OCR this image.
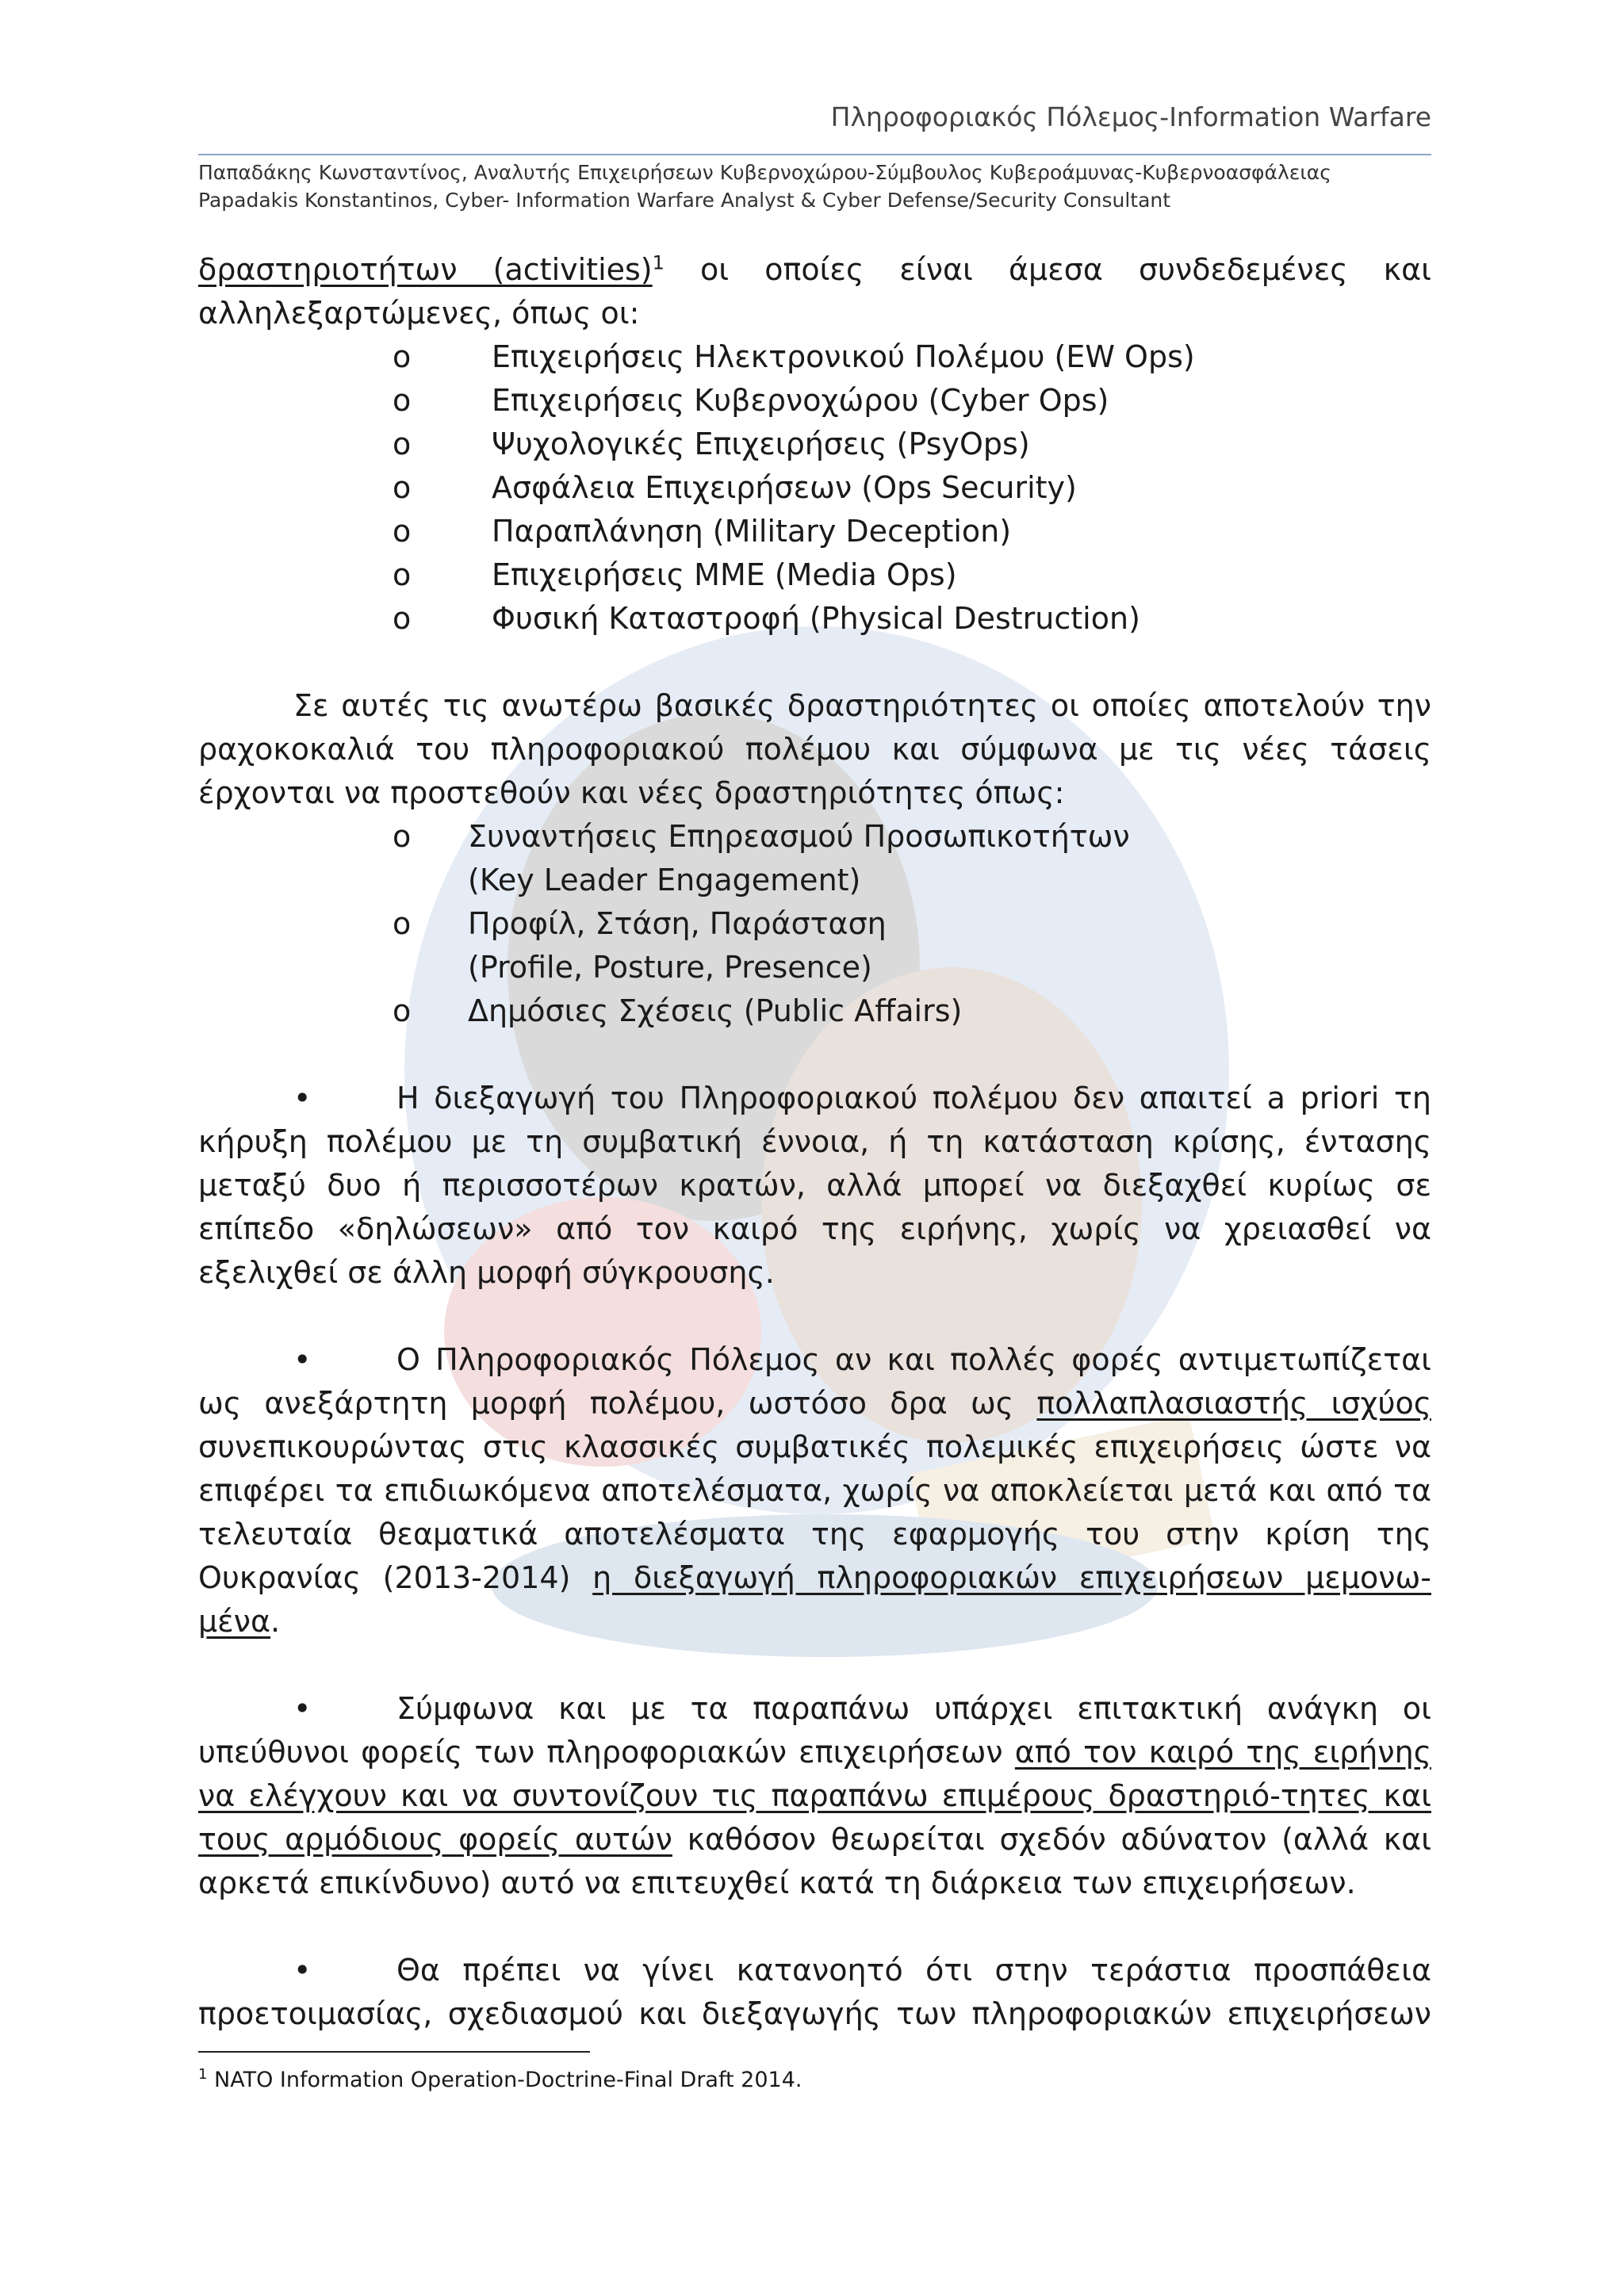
Πληροφοριακός Πόλεμος-Information Warfare
Παπαδάκης Κωνσταντίνος, Αναλυτής Επιχειρήσεων Κυβερνοχώρου-Σύμβουλος Κυβεροάμυνας-Κυβερνοασφάλειας
Papadakis Konstantinos, Cyber- Information Warfare Analyst & Cyber Defense/Security Consultant

δραστηριοτήτων (activities)$^1$ οι οποίες είναι άμεσα συνδεδεμένες και αλληλεξαρτώμενες, όπως οι:

o	Επιχειρήσεις Ηλεκτρονικού Πολέμου (EW Ops)
o	Επιχειρήσεις Κυβερνοχώρου (Cyber Ops)
o	Ψυχολογικές Επιχειρήσεις (PsyOps)
o	Ασφάλεια Επιχειρήσεων (Ops Security)
o	Παραπλάνηση (Military Deception)
o	Επιχειρήσεις ΜΜΕ (Media Ops)
o	Φυσική Καταστροφή (Physical Destruction)

Σε αυτές τις ανωτέρω βασικές δραστηριότητες οι οποίες αποτελούν την ραχοκοκαλιά του πληροφοριακού πολέμου και σύμφωνα με τις νέες τάσεις έρχονται να προστεθούν και νέες δραστηριότητες όπως:

o Συναντήσεις Επηρεασμού Προσωπικοτήτων
(Key Leader Engagement)
o Προφίλ, Στάση, Παράσταση
(Profile, Posture, Presence)
o Δημόσιες Σχέσεις (Public Affairs)

•	Η διεξαγωγή του Πληροφοριακού πολέμου δεν απαιτεί a priori τη κήρυξη πολέμου με τη συμβατική έννοια, ή τη κατάσταση κρίσης, έντασης μεταξύ δυο ή περισσοτέρων κρατών, αλλά μπορεί να διεξαχθεί κυρίως σε επίπεδο «δηλώσεων» από τον καιρό της ειρήνης, χωρίς να χρειασθεί να εξελιχθεί σε άλλη μορφή σύγκρουσης.

•	Ο Πληροφοριακός Πόλεμος αν και πολλές φορές αντιμετωπίζεται ως ανεξάρτητη μορφή πολέμου, ωστόσο δρα ως πολλαπλασιαστής ισχύος συνεπικουρώντας στις κλασσικές συμβατικές πολεμικές επιχειρήσεις ώστε να επιφέρει τα επιδιωκόμενα αποτελέσματα, χωρίς να αποκλείεται μετά και από τα τελευταία θεαματικά αποτελέσματα της εφαρμογής του στην κρίση της Ουκρανίας (2013-2014) η διεξαγωγή πληροφοριακών επιχειρήσεων μεμονω-μένα.

•	Σύμφωνα και με τα παραπάνω υπάρχει επιτακτική ανάγκη οι υπεύθυνοι φορείς των πληροφοριακών επιχειρήσεων από τον καιρό της ειρήνης να ελέγχουν και να συντονίζουν τις παραπάνω επιμέρους δραστηριό-τητες και τους αρμόδιους φορείς αυτών καθόσον θεωρείται σχεδόν αδύνατον (αλλά και αρκετά επικίνδυνο) αυτό να επιτευχθεί κατά τη διάρκεια των επιχειρήσεων.

•	Θα πρέπει να γίνει κατανοητό ότι στην τεράστια προσπάθεια προετοιμασίας, σχεδιασμού και διεξαγωγής των πληροφοριακών επιχειρήσεων

$^1$ NATO Information Operation-Doctrine-Final Draft 2014.
